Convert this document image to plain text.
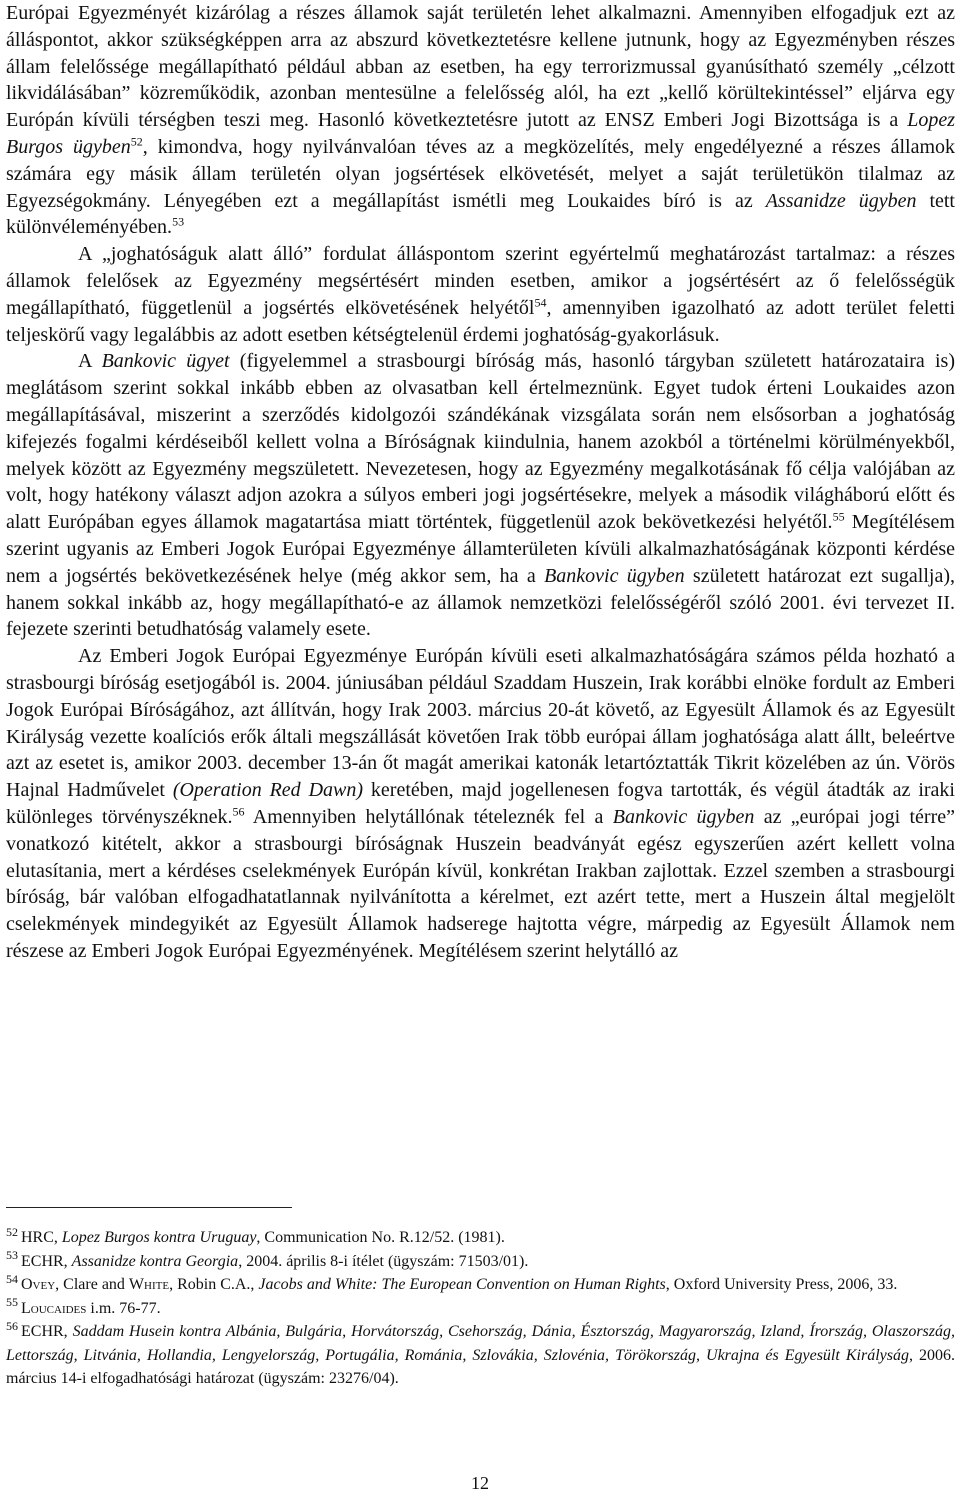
Európai Egyezményét kizárólag a részes államok saját területén lehet alkalmazni. Amennyiben elfogadjuk ezt az álláspontot, akkor szükségképpen arra az abszurd következtetésre kellene jutnunk, hogy az Egyezményben részes állam felelőssége megállapítható például abban az esetben, ha egy terrorizmussal gyanúsítható személy „célzott likvidálásában” közreműködik, azonban mentesülne a felelősség alól, ha ezt „kellő körültekintéssel” eljárva egy Európán kívüli térségben teszi meg. Hasonló következtetésre jutott az ENSZ Emberi Jogi Bizottsága is a Lopez Burgos ügyben$^{52}$, kimondva, hogy nyilvánvalóan téves az a megközelítés, mely engedélyezné a részes államok számára egy másik állam területén olyan jogsértések elkövetését, melyet a saját területükön tilalmaz az Egyezségokmány. Lényegében ezt a megállapítást ismétli meg Loukaides bíró is az Assanidze ügyben tett különvéleményében.$^{53}$

A „joghatóságuk alatt álló” fordulat álláspontom szerint egyértelmű meghatározást tartalmaz: a részes államok felelősek az Egyezmény megsértésért minden esetben, amikor a jogsértésért az ő felelősségük megállapítható, függetlenül a jogsértés elkövetésének helyétől$^{54}$, amennyiben igazolható az adott terület feletti teljeskörű vagy legalábbis az adott esetben kétségtelenül érdemi joghatóság-gyakorlásuk.

A Bankovic ügyet (figyelemmel a strasbourgi bíróság más, hasonló tárgyban született határozataira is) meglátásom szerint sokkal inkább ebben az olvasatban kell értelmeznünk. Egyet tudok érteni Loukaides azon megállapításával, miszerint a szerződés kidolgozói szándékának vizsgálata során nem elsősorban a joghatóság kifejezés fogalmi kérdéseiből kellett volna a Bíróságnak kiindulnia, hanem azokból a történelmi körülményekből, melyek között az Egyezmény megszületett. Nevezetesen, hogy az Egyezmény megalkotásának fő célja valójában az volt, hogy hatékony választ adjon azokra a súlyos emberi jogi jogsértésekre, melyek a második világháború előtt és alatt Európában egyes államok magatartása miatt történtek, függetlenül azok bekövetkezési helyétől.$^{55}$ Megítélésem szerint ugyanis az Emberi Jogok Európai Egyezménye államterületen kívüli alkalmazhatóságának központi kérdése nem a jogsértés bekövetkezésének helye (még akkor sem, ha a Bankovic ügyben született határozat ezt sugallja), hanem sokkal inkább az, hogy megállapítható-e az államok nemzetközi felelősségéről szóló 2001. évi tervezet II. fejezete szerinti betudhatóság valamely esete.

Az Emberi Jogok Európai Egyezménye Európán kívüli eseti alkalmazhatóságára számos példa hozható a strasbourgi bíróság esetjogából is. 2004. júniusában például Szaddam Huszein, Irak korábbi elnöke fordult az Emberi Jogok Európai Bíróságához, azt állítván, hogy Irak 2003. március 20-át követő, az Egyesült Államok és az Egyesült Királyság vezette koalíciós erők általi megszállását követően Irak több európai állam joghatósága alatt állt, beleértve azt az esetet is, amikor 2003. december 13-án őt magát amerikai katonák letartóztatták Tikrit közelében az ún. Vörös Hajnal Hadművelet (Operation Red Dawn) keretében, majd jogellenesen fogva tartották, és végül átadták az iraki különleges törvényszéknek.$^{56}$ Amennyiben helytállónak tételeznék fel a Bankovic ügyben az „európai jogi térre” vonatkozó kitételt, akkor a strasbourgi bíróságnak Huszein beadványát egész egyszerűen azért kellett volna elutasítania, mert a kérdéses cselekmények Európán kívül, konkrétan Irakban zajlottak. Ezzel szemben a strasbourgi bíróság, bár valóban elfogadhatatlannak nyilvánította a kérelmet, ezt azért tette, mert a Huszein által megjelölt cselekmények mindegyikét az Egyesült Államok hadserege hajtotta végre, márpedig az Egyesült Államok nem részese az Emberi Jogok Európai Egyezményének. Megítélésem szerint helytálló az

$^{52}$ HRC, Lopez Burgos kontra Uruguay, Communication No. R.12/52. (1981).

$^{53}$ ECHR, Assanidze kontra Georgia, 2004. április 8-i ítélet (ügyszám: 71503/01).

$^{54}$ Ovey, Clare and White, Robin C.A., Jacobs and White: The European Convention on Human Rights, Oxford University Press, 2006, 33.

$^{55}$ Loucaides i.m. 76-77.

$^{56}$ ECHR, Saddam Husein kontra Albánia, Bulgária, Horvátország, Csehország, Dánia, Észtország, Magyarország, Izland, Írország, Olaszország, Lettország, Litvánia, Hollandia, Lengyelország, Portugália, Románia, Szlovákia, Szlovénia, Törökország, Ukrajna és Egyesült Királyság, 2006. március 14-i elfogadhatósági határozat (ügyszám: 23276/04).

12
